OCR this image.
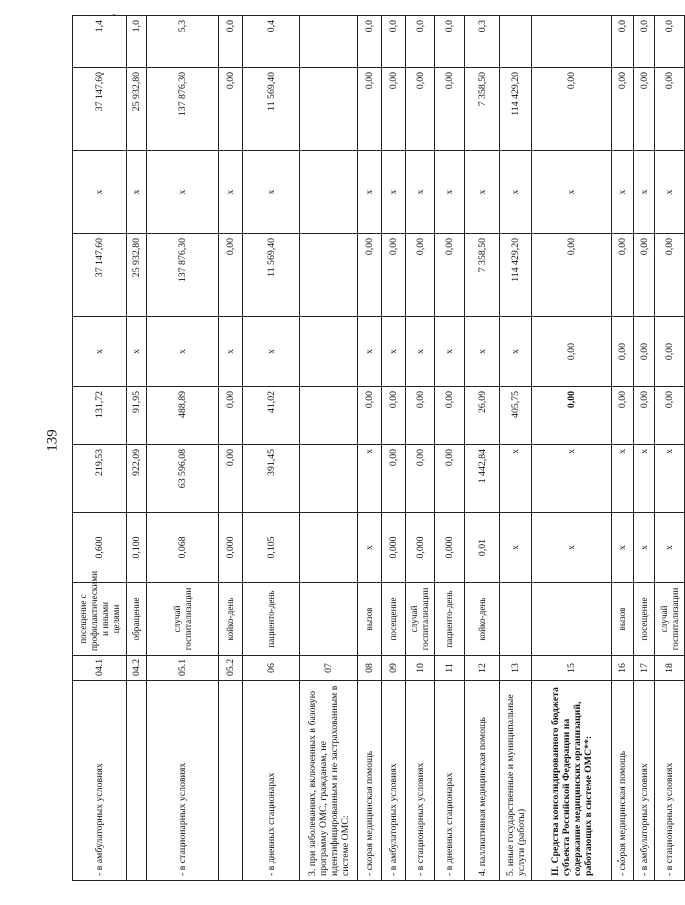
139
- в амбулаторных условиях	04.1	посещение с профилактическими и иными целями	0,600	219,53	131,72	х	37 147,60	х	37 147,60	1,4
	04.2	обращение	0,100	922,09	91,95	х	25 932,80	х	25 932,80	1,0
- в стационарных условиях	05.1	случай госпитализации	0,068	63 596,08	488,89	х	137 876,30	х	137 876,30	5,3
	05.2	койко-день	0,000	0,00	0,00	х	0,00	х	0,00	0,0
- в дневных стационарах	06	пациенто-день	0,105	391,45	41,02	х	11 569,40	х	11 569,40	0,4
3. при заболеваниях, включенных в базовую программу ОМС, гражданам, не идентифицированным и не застрахованным в системе ОМС:	07									
- скорая медицинская помощь	08	вызов	х	х	0,00	х	0,00	х	0,00	0,0
- в амбулаторных условиях	09	посещение	0,000	0,00	0,00	х	0,00	х	0,00	0,0
- в стационарных условиях	10	случай госпитализации	0,000	0,00	0,00	х	0,00	х	0,00	0,0
- в дневных стационарах	11	пациенто-день	0,000	0,00	0,00	х	0,00	х	0,00	0,0
4. паллиативная медицинская помощь	12	койко-день	0,01	1 442,84	26,09	х	7 358,50	х	7 358,50	0,3
5. иные государственные и муниципальные услуги (работы)	13		х	х	405,75	х	114 429,20	х	114 429,20	
II. Средства консолидированного бюджета субъекта Российской Федерации на содержание медицинских организаций, работающих в системе ОМС**:	15		х	х	0,00	0,00	0,00	х	0,00	
- скорая медицинская помощь	16	вызов	х	х	0,00	0,00	0,00	х	0,00	0,0
- в амбулаторных условиях	17	посещение	х	х	0,00	0,00	0,00	х	0,00	0,0
- в стационарных условиях	18	случай госпитализации	х	х	0,00	0,00	0,00	х	0,00	0,0
